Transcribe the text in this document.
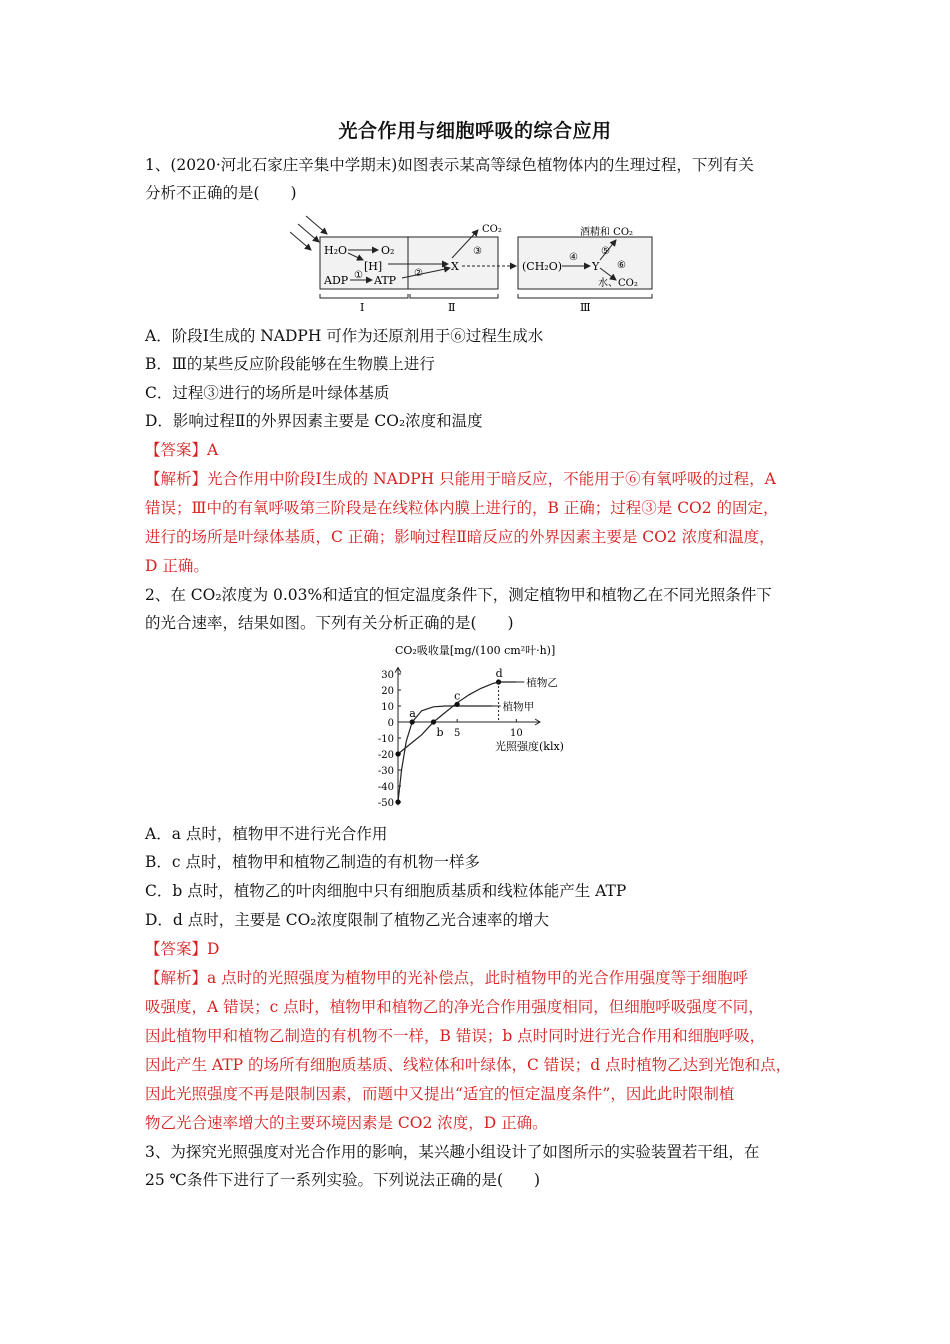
光合作用与细胞呼吸的综合应用
1、(2020·河北石家庄辛集中学期末)如图表示某高等绿色植物体内的生理过程，下列有关
分析不正确的是(　　)
H₂O	O₂
[H]
ADP ① ATP
②
X
③
CO₂
(CH₂O)
④
Y
⑤
⑥
酒精和 CO₂
水、CO₂
Ⅰ	Ⅱ	Ⅲ
A．阶段Ⅰ生成的 NADPH 可作为还原剂用于⑥过程生成水
B．Ⅲ的某些反应阶段能够在生物膜上进行
C．过程③进行的场所是叶绿体基质
D．影响过程Ⅱ的外界因素主要是 CO₂浓度和温度
【答案】A
【解析】光合作用中阶段Ⅰ生成的 NADPH 只能用于暗反应，不能用于⑥有氧呼吸的过程，A
错误；Ⅲ中的有氧呼吸第三阶段是在线粒体内膜上进行的，B 正确；过程③是 CO2 的固定，
进行的场所是叶绿体基质，C 正确；影响过程Ⅱ暗反应的外界因素主要是 CO2 浓度和温度，
D 正确。
2、在 CO₂浓度为 0.03%和适宜的恒定温度条件下，测定植物甲和植物乙在不同光照条件下
的光合速率，结果如图。下列有关分析正确的是(　　)
CO₂吸收量[mg/(100 cm²叶·h)]
光照强度(klx)
30
20
10
0
-10
-20
-30
-40
-50
5	10
植物甲
植物乙
a
b
c
d
A．a 点时，植物甲不进行光合作用
B．c 点时，植物甲和植物乙制造的有机物一样多
C．b 点时，植物乙的叶肉细胞中只有细胞质基质和线粒体能产生 ATP
D．d 点时，主要是 CO₂浓度限制了植物乙光合速率的增大
【答案】D
【解析】a 点时的光照强度为植物甲的光补偿点，此时植物甲的光合作用强度等于细胞呼
吸强度，A 错误；c 点时，植物甲和植物乙的净光合作用强度相同，但细胞呼吸强度不同，
因此植物甲和植物乙制造的有机物不一样，B 错误；b 点时同时进行光合作用和细胞呼吸，
因此产生 ATP 的场所有细胞质基质、线粒体和叶绿体，C 错误；d 点时植物乙达到光饱和点，
因此光照强度不再是限制因素，而题中又提出“适宜的恒定温度条件”，因此此时限制植
物乙光合速率增大的主要环境因素是 CO2 浓度，D 正确。
3、为探究光照强度对光合作用的影响，某兴趣小组设计了如图所示的实验装置若干组，在
25 ℃条件下进行了一系列实验。下列说法正确的是(　　)
